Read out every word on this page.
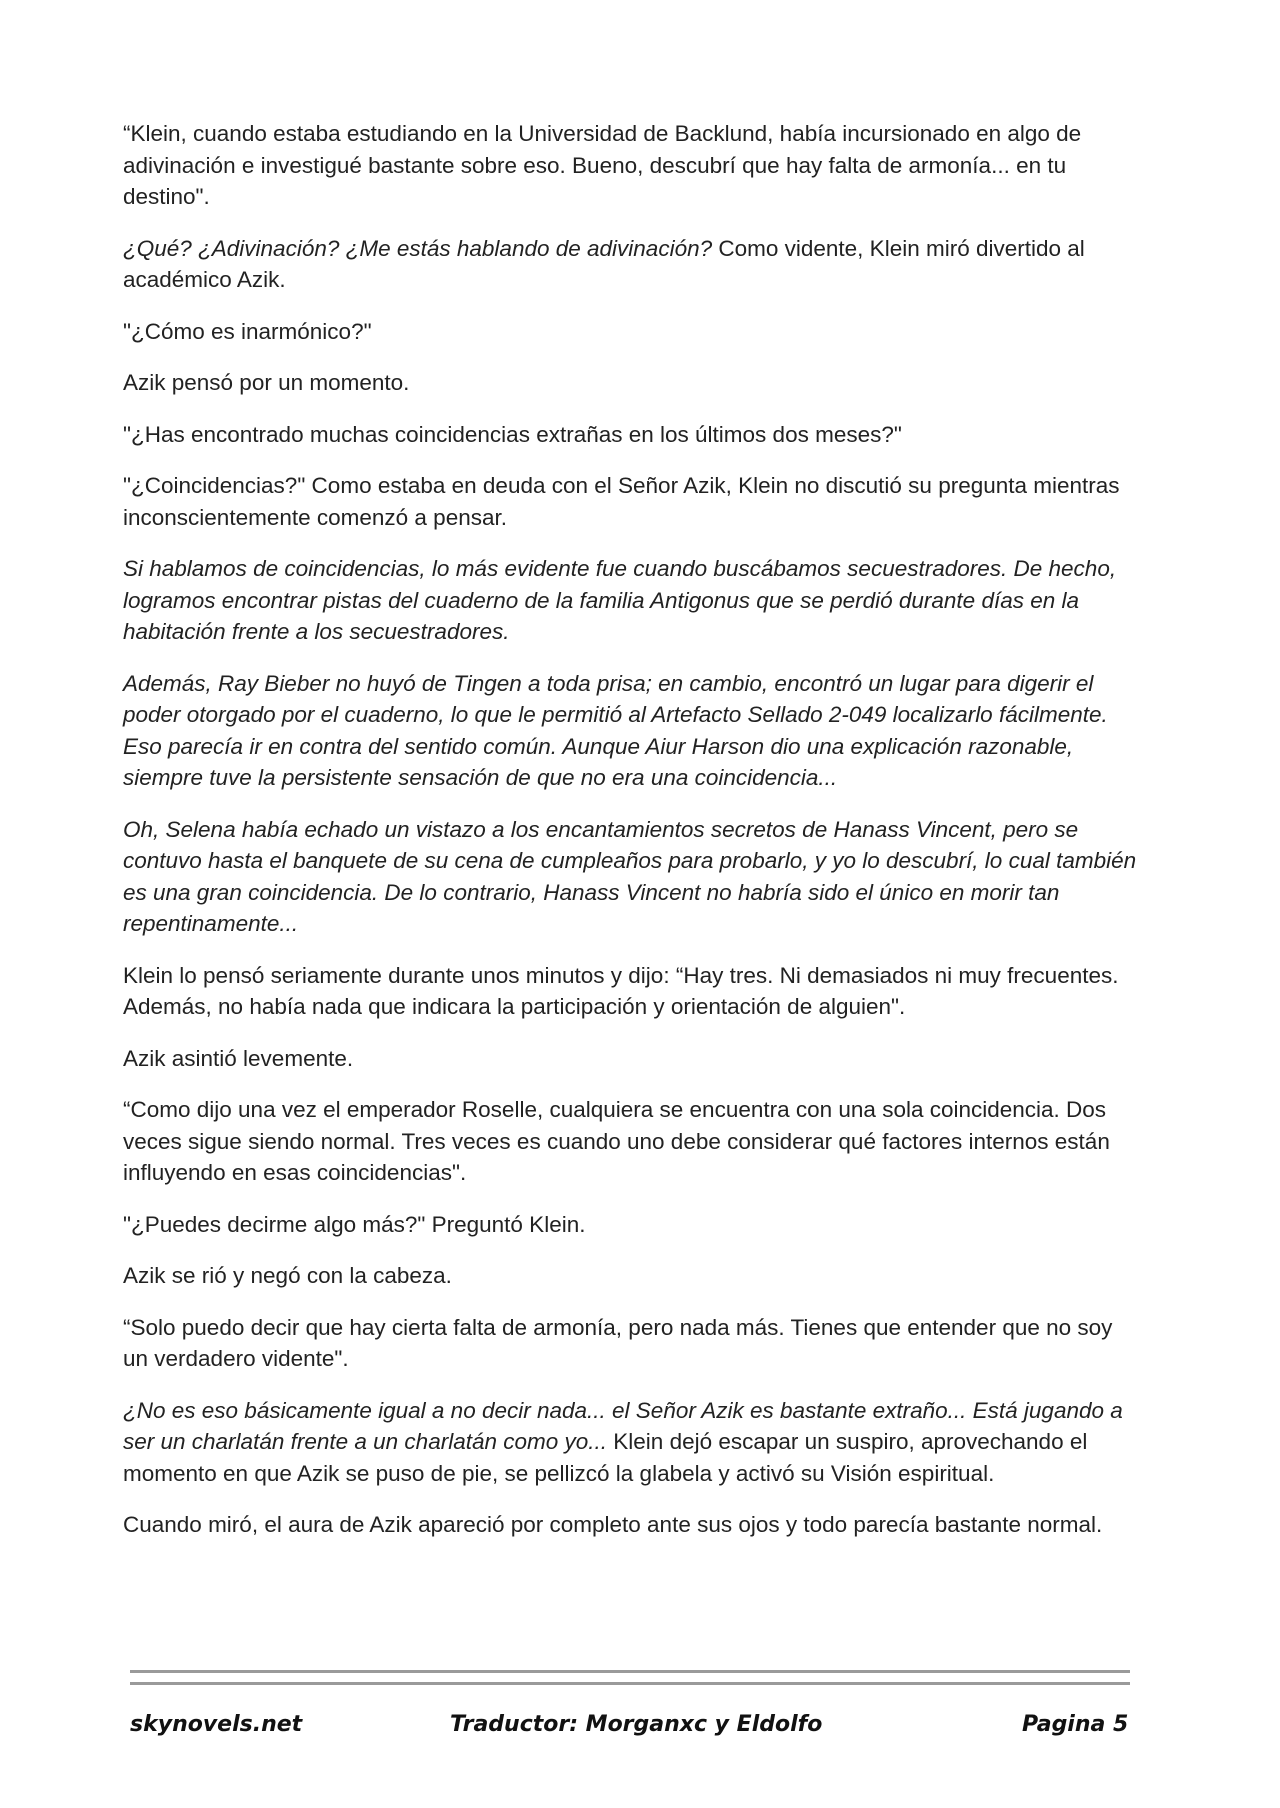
“Klein, cuando estaba estudiando en la Universidad de Backlund, había incursionado en algo de adivinación e investigué bastante sobre eso. Bueno, descubrí que hay falta de armonía... en tu destino".

¿Qué? ¿Adivinación? ¿Me estás hablando de adivinación? Como vidente, Klein miró divertido al académico Azik.

"¿Cómo es inarmónico?"

Azik pensó por un momento.

"¿Has encontrado muchas coincidencias extrañas en los últimos dos meses?"

"¿Coincidencias?" Como estaba en deuda con el Señor Azik, Klein no discutió su pregunta mientras inconscientemente comenzó a pensar.

Si hablamos de coincidencias, lo más evidente fue cuando buscábamos secuestradores. De hecho, logramos encontrar pistas del cuaderno de la familia Antigonus que se perdió durante días en la habitación frente a los secuestradores.

Además, Ray Bieber no huyó de Tingen a toda prisa; en cambio, encontró un lugar para digerir el poder otorgado por el cuaderno, lo que le permitió al Artefacto Sellado 2-049 localizarlo fácilmente. Eso parecía ir en contra del sentido común. Aunque Aiur Harson dio una explicación razonable, siempre tuve la persistente sensación de que no era una coincidencia...

Oh, Selena había echado un vistazo a los encantamientos secretos de Hanass Vincent, pero se contuvo hasta el banquete de su cena de cumpleaños para probarlo, y yo lo descubrí, lo cual también es una gran coincidencia. De lo contrario, Hanass Vincent no habría sido el único en morir tan repentinamente...

Klein lo pensó seriamente durante unos minutos y dijo: “Hay tres. Ni demasiados ni muy frecuentes. Además, no había nada que indicara la participación y orientación de alguien".

Azik asintió levemente.

“Como dijo una vez el emperador Roselle, cualquiera se encuentra con una sola coincidencia. Dos veces sigue siendo normal. Tres veces es cuando uno debe considerar qué factores internos están influyendo en esas coincidencias".

"¿Puedes decirme algo más?" Preguntó Klein.

Azik se rió y negó con la cabeza.

“Solo puedo decir que hay cierta falta de armonía, pero nada más. Tienes que entender que no soy un verdadero vidente".

¿No es eso básicamente igual a no decir nada... el Señor Azik es bastante extraño... Está jugando a ser un charlatán frente a un charlatán como yo... Klein dejó escapar un suspiro, aprovechando el momento en que Azik se puso de pie, se pellizcó la glabela y activó su Visión espiritual.

Cuando miró, el aura de Azik apareció por completo ante sus ojos y todo parecía bastante normal.

skynovels.net	Traductor: Morganxc y Eldolfo	Pagina 5
